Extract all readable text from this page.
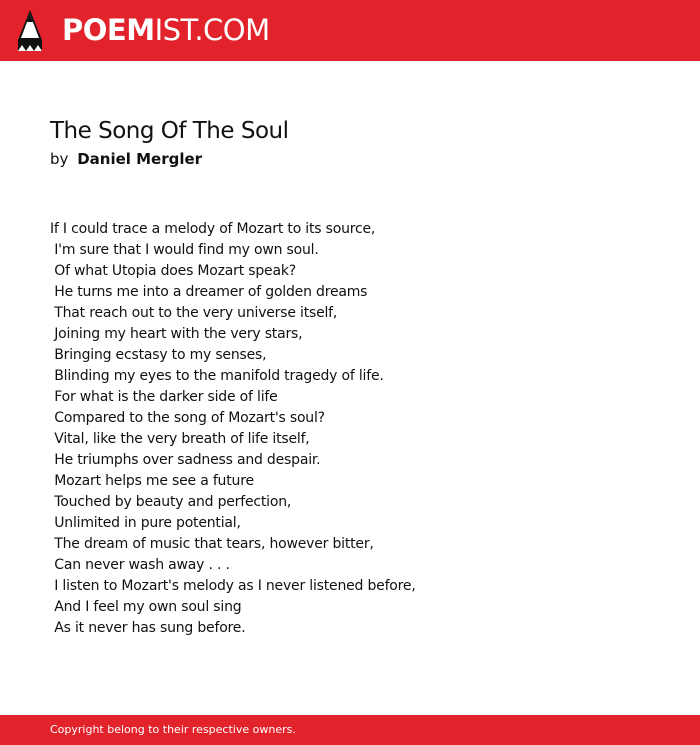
POEMIST.COM
The Song Of The Soul
by Daniel Mergler
If I could trace a melody of Mozart to its source,
I'm sure that I would find my own soul.
Of what Utopia does Mozart speak?
He turns me into a dreamer of golden dreams
That reach out to the very universe itself,
Joining my heart with the very stars,
Bringing ecstasy to my senses,
Blinding my eyes to the manifold tragedy of life.
For what is the darker side of life
Compared to the song of Mozart's soul?
Vital, like the very breath of life itself,
He triumphs over sadness and despair.
Mozart helps me see a future
Touched by beauty and perfection,
Unlimited in pure potential,
The dream of music that tears, however bitter,
Can never wash away . . .
I listen to Mozart's melody as I never listened before,
And I feel my own soul sing
As it never has sung before.
Copyright belong to their respective owners.
